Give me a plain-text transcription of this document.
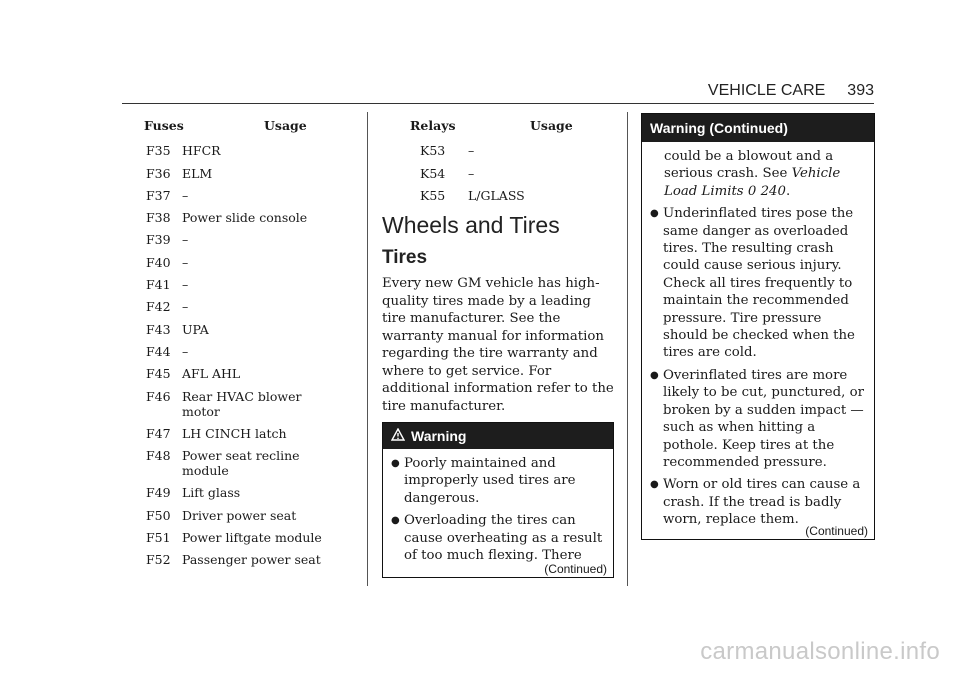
VEHICLE CARE 393
Fuses	Usage
F35 HFCR
F36 ELM
F37 –
F38 Power slide console
F39 –
F40 –
F41 –
F42 –
F43 UPA
F44 –
F45 AFL AHL
F46 Rear HVAC blower motor
F47 LH CINCH latch
F48 Power seat recline module
F49 Lift glass
F50 Driver power seat
F51 Power liftgate module
F52 Passenger power seat
Relays	Usage
K53	–
K54	–
K55	L/GLASS
Wheels and Tires
Tires
Every new GM vehicle has high-quality tires made by a leading tire manufacturer. See the warranty manual for information regarding the tire warranty and where to get service. For additional information refer to the tire manufacturer.
Warning
● Poorly maintained and improperly used tires are dangerous.
● Overloading the tires can cause overheating as a result of too much flexing. There
(Continued)
Warning (Continued)
could be a blowout and a serious crash. See Vehicle Load Limits 0 240.
● Underinflated tires pose the same danger as overloaded tires. The resulting crash could cause serious injury. Check all tires frequently to maintain the recommended pressure. Tire pressure should be checked when the tires are cold.
● Overinflated tires are more likely to be cut, punctured, or broken by a sudden impact — such as when hitting a pothole. Keep tires at the recommended pressure.
● Worn or old tires can cause a crash. If the tread is badly worn, replace them.
(Continued)
carmanualsonline.info
